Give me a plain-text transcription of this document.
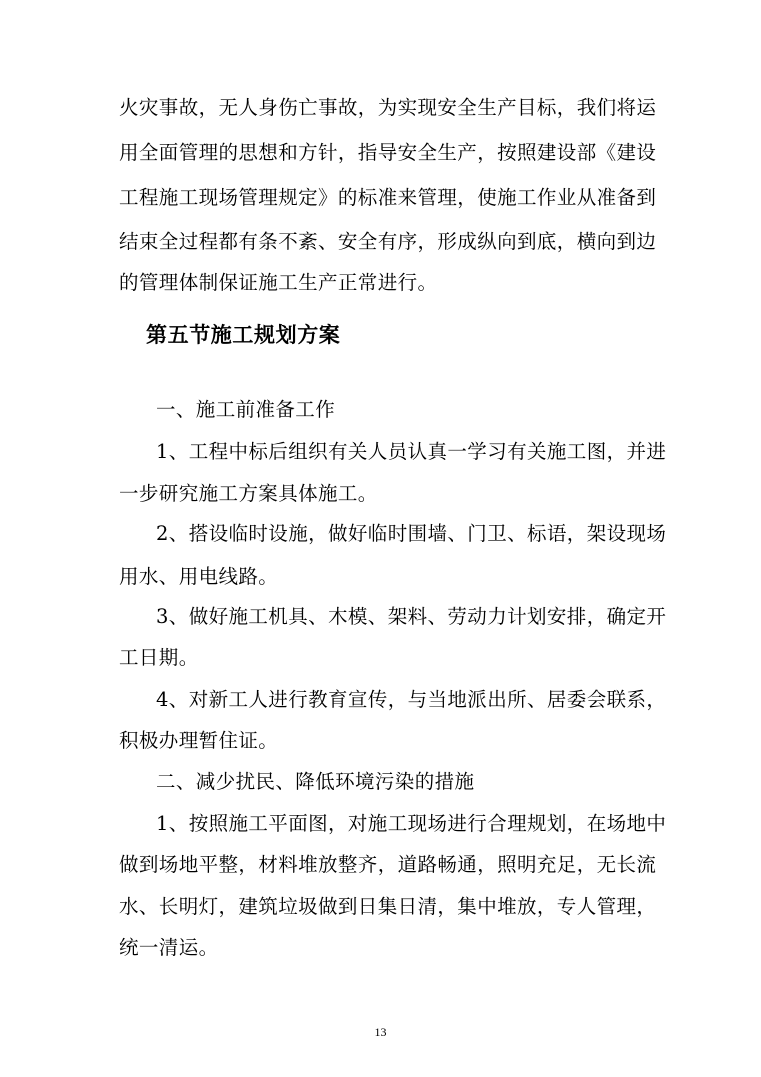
火灾事故，无人身伤亡事故，为实现安全生产目标，我们将运
用全面管理的思想和方针，指导安全生产，按照建设部《建设
工程施工现场管理规定》的标准来管理，使施工作业从准备到
结束全过程都有条不紊、安全有序，形成纵向到底，横向到边
的管理体制保证施工生产正常进行。
第五节施工规划方案
一、施工前准备工作
1、工程中标后组织有关人员认真一学习有关施工图，并进
一步研究施工方案具体施工。
2、搭设临时设施，做好临时围墙、门卫、标语，架设现场
用水、用电线路。
3、做好施工机具、木模、架料、劳动力计划安排，确定开
工日期。
4、对新工人进行教育宣传，与当地派出所、居委会联系，
积极办理暂住证。
二、减少扰民、降低环境污染的措施
1、按照施工平面图，对施工现场进行合理规划，在场地中
做到场地平整，材料堆放整齐，道路畅通，照明充足，无长流
水、长明灯，建筑垃圾做到日集日清，集中堆放，专人管理，
统一清运。
13
